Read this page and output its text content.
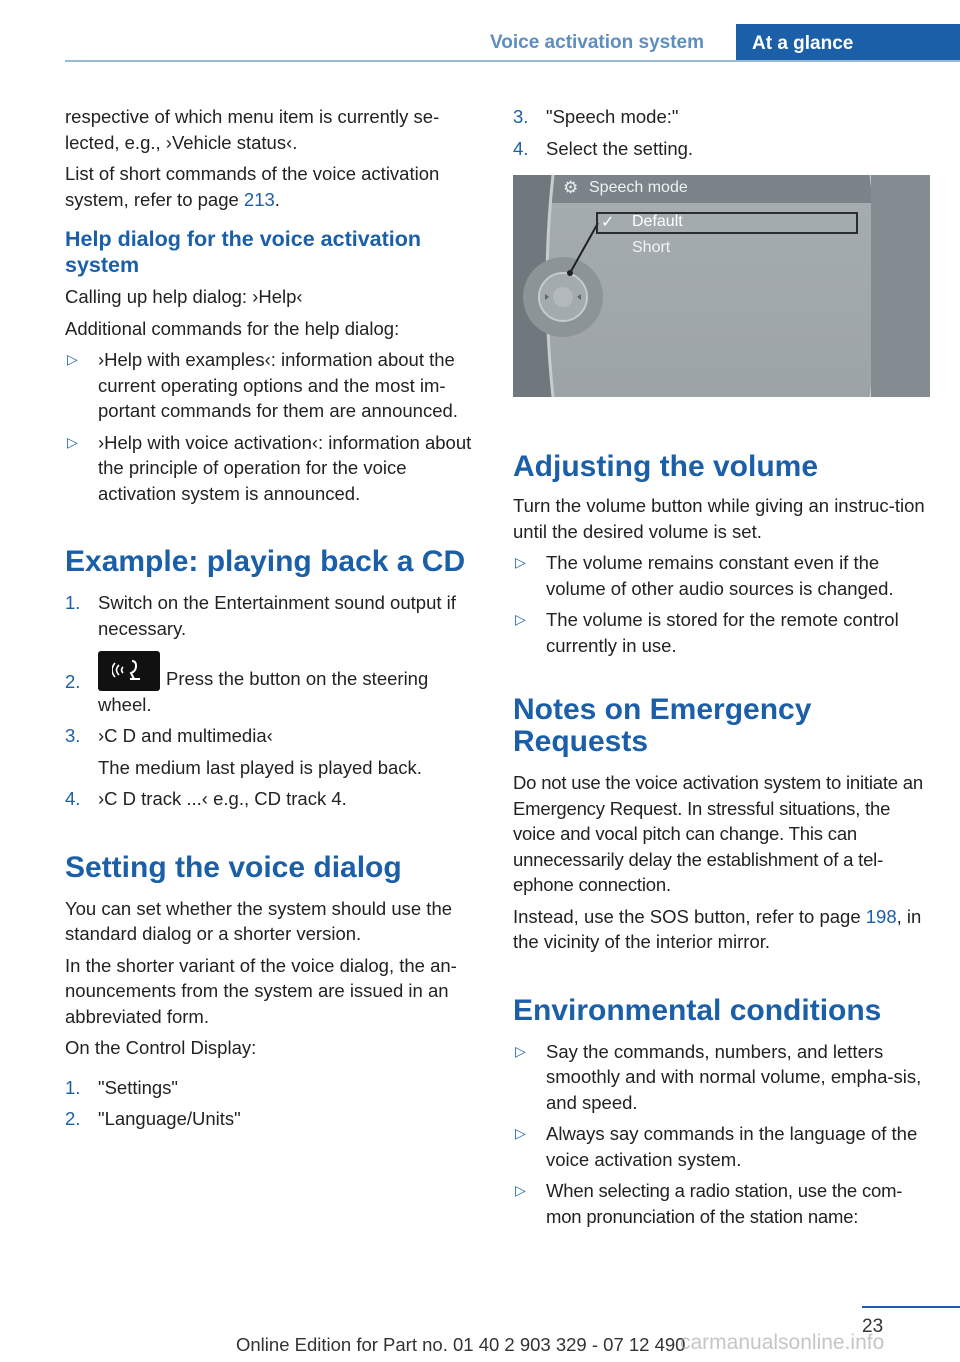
Voice activation system	At a glance

respective of which menu item is currently se‐lected, e.g., ›Vehicle status‹.

List of short commands of the voice activation system, refer to page 213.

Help dialog for the voice activation system

Calling up help dialog: ›Help‹

Additional commands for the help dialog:

▷ ›Help with examples‹: information about the current operating options and the most im‐portant commands for them are announced.
▷ ›Help with voice activation‹: information about the principle of operation for the voice activation system is announced.
Example: playing back a CD
1. Switch on the Entertainment sound output if necessary.
2.	Press the button on the steering wheel.
3. ›C D and multimedia‹
The medium last played is played back.
4. ›C D track ...‹ e.g., CD track 4.
Setting the voice dialog

You can set whether the system should use the standard dialog or a shorter version.

In the shorter variant of the voice dialog, the an‐nouncements from the system are issued in an abbreviated form.

On the Control Display:

1. "Settings"
2. "Language/Units"
3. "Speech mode:"
4. Select the setting.
⚙ Speech mode
✓ Default
Short
Adjusting the volume

Turn the volume button while giving an instruc‐tion until the desired volume is set.

▷ The volume remains constant even if the volume of other audio sources is changed.
▷ The volume is stored for the remote control currently in use.
Notes on Emergency Requests

Do not use the voice activation system to initiate an Emergency Request. In stressful situations, the voice and vocal pitch can change. This can unnecessarily delay the establishment of a tel‐ephone connection.

Instead, use the SOS button, refer to page 198, in the vicinity of the interior mirror.

Environmental conditions
▷ Say the commands, numbers, and letters smoothly and with normal volume, empha‐sis, and speed.
▷ Always say commands in the language of the voice activation system.
▷ When selecting a radio station, use the com‐mon pronunciation of the station name:
23
Online Edition for Part no. 01 40 2 903 329 - 07 12 490
carmanualsonline.info
